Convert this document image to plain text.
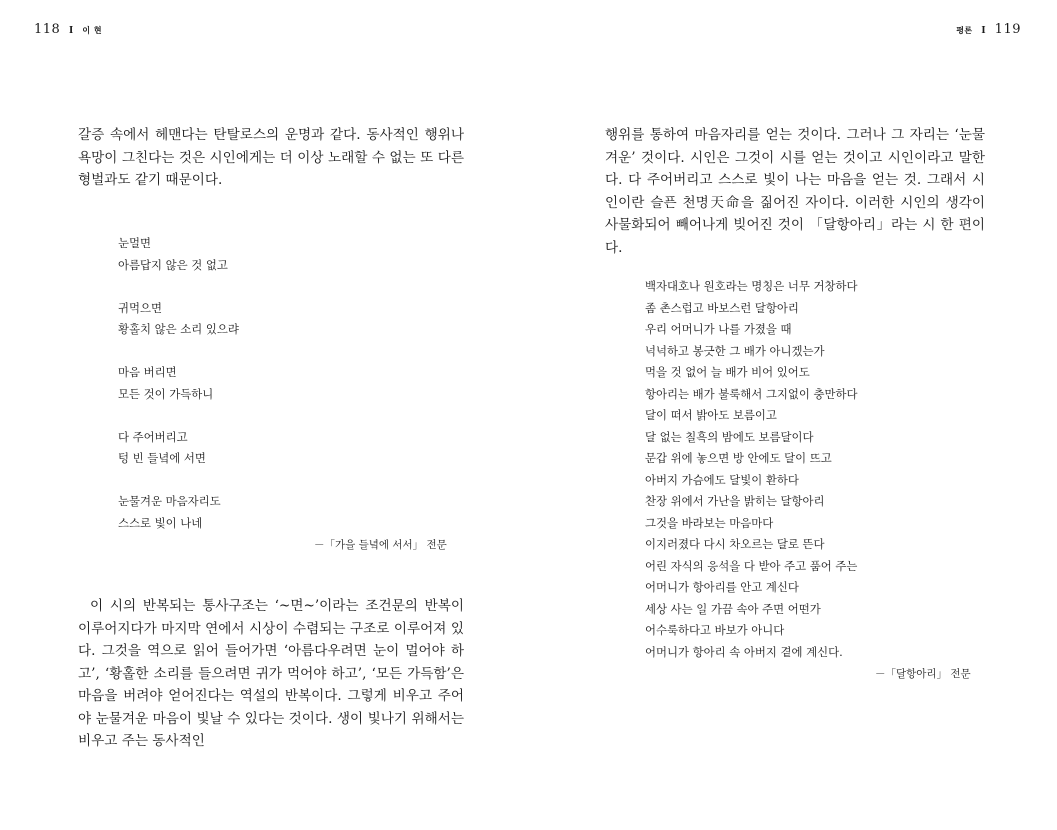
118 I 이 현	평론 I 119

갈증 속에서 헤맨다는 탄탈로스의 운명과 같다. 동사적인 행위나 욕망이 그친다는 것은 시인에게는 더 이상 노래할 수 없는 또 다른 형벌과도 같기 때문이다.

눈멀면
아름답지 않은 것 없고
귀먹으면
황홀치 않은 소리 있으랴
마음 버리면
모든 것이 가득하니
다 주어버리고
텅 빈 들녘에 서면
눈물겨운 마음자리도
스스로 빛이 나네
－「가을 들녘에 서서」 전문

이 시의 반복되는 통사구조는 ‘~면~’이라는 조건문의 반복이 이루어지다가 마지막 연에서 시상이 수렴되는 구조로 이루어져 있다. 그것을 역으로 읽어 들어가면 ‘아름다우려면 눈이 멀어야 하고’, ‘황홀한 소리를 들으려면 귀가 먹어야 하고’, ‘모든 가득함’은 마음을 버려야 얻어진다는 역설의 반복이다. 그렇게 비우고 주어야 눈물겨운 마음이 빛날 수 있다는 것이다. 생이 빛나기 위해서는 비우고 주는 동사적인

행위를 통하여 마음자리를 얻는 것이다. 그러나 그 자리는 ‘눈물겨운’ 것이다. 시인은 그것이 시를 얻는 것이고 시인이라고 말한다. 다 주어버리고 스스로 빛이 나는 마음을 얻는 것. 그래서 시인이란 슬픈 천명天命을 짊어진 자이다. 이러한 시인의 생각이 사물화되어 빼어나게 빚어진 것이 「달항아리」라는 시 한 편이다.

백자대호나 원호라는 명칭은 너무 거창하다
좀 촌스럽고 바보스런 달항아리
우리 어머니가 나를 가졌을 때
넉넉하고 봉긋한 그 배가 아니겠는가
먹을 것 없어 늘 배가 비어 있어도
항아리는 배가 불룩해서 그지없이 충만하다
달이 떠서 밝아도 보름이고
달 없는 칠흑의 밤에도 보름달이다
문갑 위에 놓으면 방 안에도 달이 뜨고
아버지 가슴에도 달빛이 환하다
찬장 위에서 가난을 밝히는 달항아리
그것을 바라보는 마음마다
이지러졌다 다시 차오르는 달로 뜬다
어린 자식의 응석을 다 받아 주고 품어 주는
어머니가 항아리를 안고 계신다
세상 사는 일 가끔 속아 주면 어떤가
어수룩하다고 바보가 아니다
어머니가 항아리 속 아버지 곁에 계신다.
－「달항아리」 전문
